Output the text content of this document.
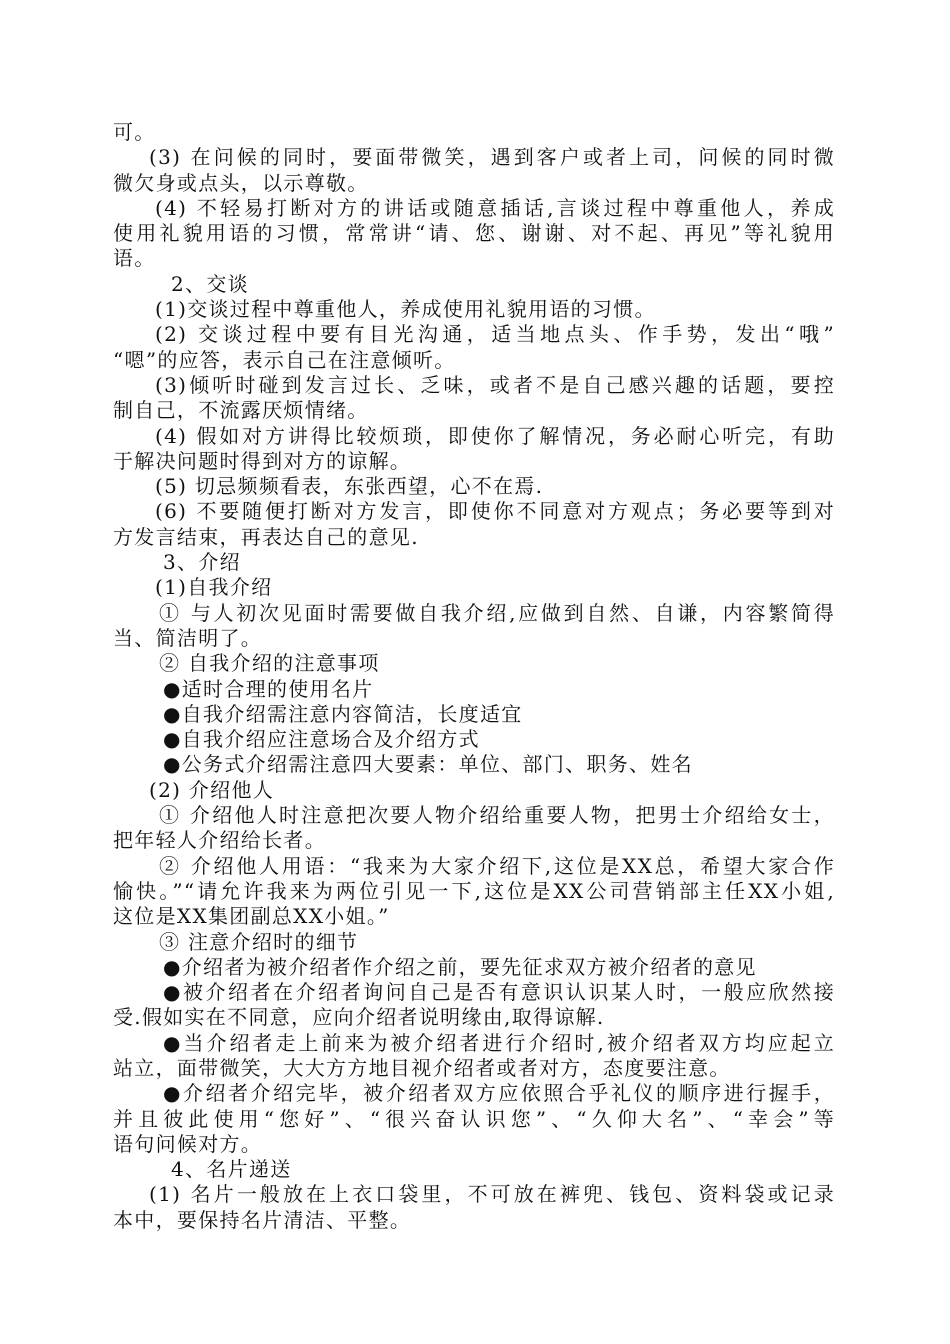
可。
(3) 在问候的同时，要面带微笑，遇到客户或者上司，问候的同时微
微欠身或点头，以示尊敬。
(4) 不轻易打断对方的讲话或随意插话,言谈过程中尊重他人，养成
使用礼貌用语的习惯，常常讲“请、您、谢谢、对不起、再见”等礼貌用
语。
2、交谈
(1)交谈过程中尊重他人，养成使用礼貌用语的习惯。
(2) 交谈过程中要有目光沟通，适当地点头、作手势，发出“哦”
“嗯”的应答，表示自己在注意倾听。
(3)倾听时碰到发言过长、乏味，或者不是自己感兴趣的话题，要控
制自己，不流露厌烦情绪。
(4) 假如对方讲得比较烦琐，即使你了解情况，务必耐心听完，有助
于解决问题时得到对方的谅解。
(5) 切忌频频看表，东张西望，心不在焉.
(6) 不要随便打断对方发言，即使你不同意对方观点；务必要等到对
方发言结束，再表达自己的意见.
3、介绍
(1)自我介绍
① 与人初次见面时需要做自我介绍,应做到自然、自谦，内容繁简得
当、简洁明了。
② 自我介绍的注意事项
●适时合理的使用名片
●自我介绍需注意内容简洁，长度适宜
●自我介绍应注意场合及介绍方式
●公务式介绍需注意四大要素：单位、部门、职务、姓名
(2) 介绍他人
① 介绍他人时注意把次要人物介绍给重要人物，把男士介绍给女士，
把年轻人介绍给长者。
② 介绍他人用语：“我来为大家介绍下,这位是XX总，希望大家合作
愉快。”“请允许我来为两位引见一下,这位是XX公司营销部主任XX小姐,
这位是XX集团副总XX小姐。”
③ 注意介绍时的细节
●介绍者为被介绍者作介绍之前，要先征求双方被介绍者的意见
●被介绍者在介绍者询问自己是否有意识认识某人时，一般应欣然接
受.假如实在不同意，应向介绍者说明缘由,取得谅解.
●当介绍者走上前来为被介绍者进行介绍时,被介绍者双方均应起立
站立，面带微笑，大大方方地目视介绍者或者对方，态度要注意。
●介绍者介绍完毕，被介绍者双方应依照合乎礼仪的顺序进行握手，
并且彼此使用“您好”、“很兴奋认识您”、“久仰大名”、“幸会”等
语句问候对方。
4、名片递送
(1) 名片一般放在上衣口袋里，不可放在裤兜、钱包、资料袋或记录
本中，要保持名片清洁、平整。
